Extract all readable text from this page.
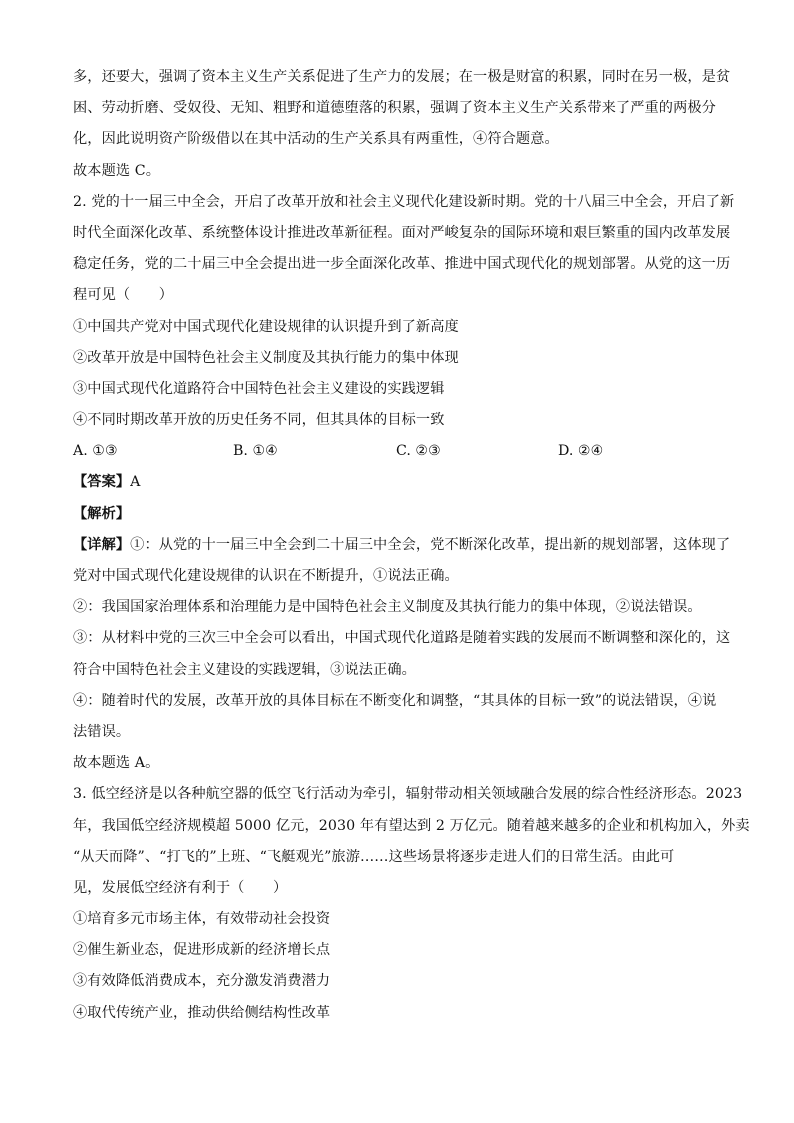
多，还要大，强调了资本主义生产关系促进了生产力的发展；在一极是财富的积累，同时在另一极，是贫
困、劳动折磨、受奴役、无知、粗野和道德堕落的积累，强调了资本主义生产关系带来了严重的两极分
化，因此说明资产阶级借以在其中活动的生产关系具有两重性，④符合题意。
故本题选 C。
2. 党的十一届三中全会，开启了改革开放和社会主义现代化建设新时期。党的十八届三中全会，开启了新
时代全面深化改革、系统整体设计推进改革新征程。面对严峻复杂的国际环境和艰巨繁重的国内改革发展
稳定任务，党的二十届三中全会提出进一步全面深化改革、推进中国式现代化的规划部署。从党的这一历
程可见（　　）
①中国共产党对中国式现代化建设规律的认识提升到了新高度
②改革开放是中国特色社会主义制度及其执行能力的集中体现
③中国式现代化道路符合中国特色社会主义建设的实践逻辑
④不同时期改革开放的历史任务不同，但其具体的目标一致
A. ①③	B. ①④	C. ②③	D. ②④
【答案】A
【解析】
【详解】①：从党的十一届三中全会到二十届三中全会，党不断深化改革，提出新的规划部署，这体现了
党对中国式现代化建设规律的认识在不断提升，①说法正确。
②：我国国家治理体系和治理能力是中国特色社会主义制度及其执行能力的集中体现，②说法错误。
③：从材料中党的三次三中全会可以看出，中国式现代化道路是随着实践的发展而不断调整和深化的，这
符合中国特色社会主义建设的实践逻辑，③说法正确。
④：随着时代的发展，改革开放的具体目标在不断变化和调整，“其具体的目标一致”的说法错误，④说
法错误。
故本题选 A。
3. 低空经济是以各种航空器的低空飞行活动为牵引，辐射带动相关领域融合发展的综合性经济形态。2023
年，我国低空经济规模超 5000 亿元，2030 年有望达到 2 万亿元。随着越来越多的企业和机构加入，外卖
“从天而降”、“打飞的”上班、“飞艇观光”旅游……这些场景将逐步走进人们的日常生活。由此可
见，发展低空经济有利于（　　）
①培育多元市场主体，有效带动社会投资
②催生新业态，促进形成新的经济增长点
③有效降低消费成本，充分激发消费潜力
④取代传统产业，推动供给侧结构性改革
